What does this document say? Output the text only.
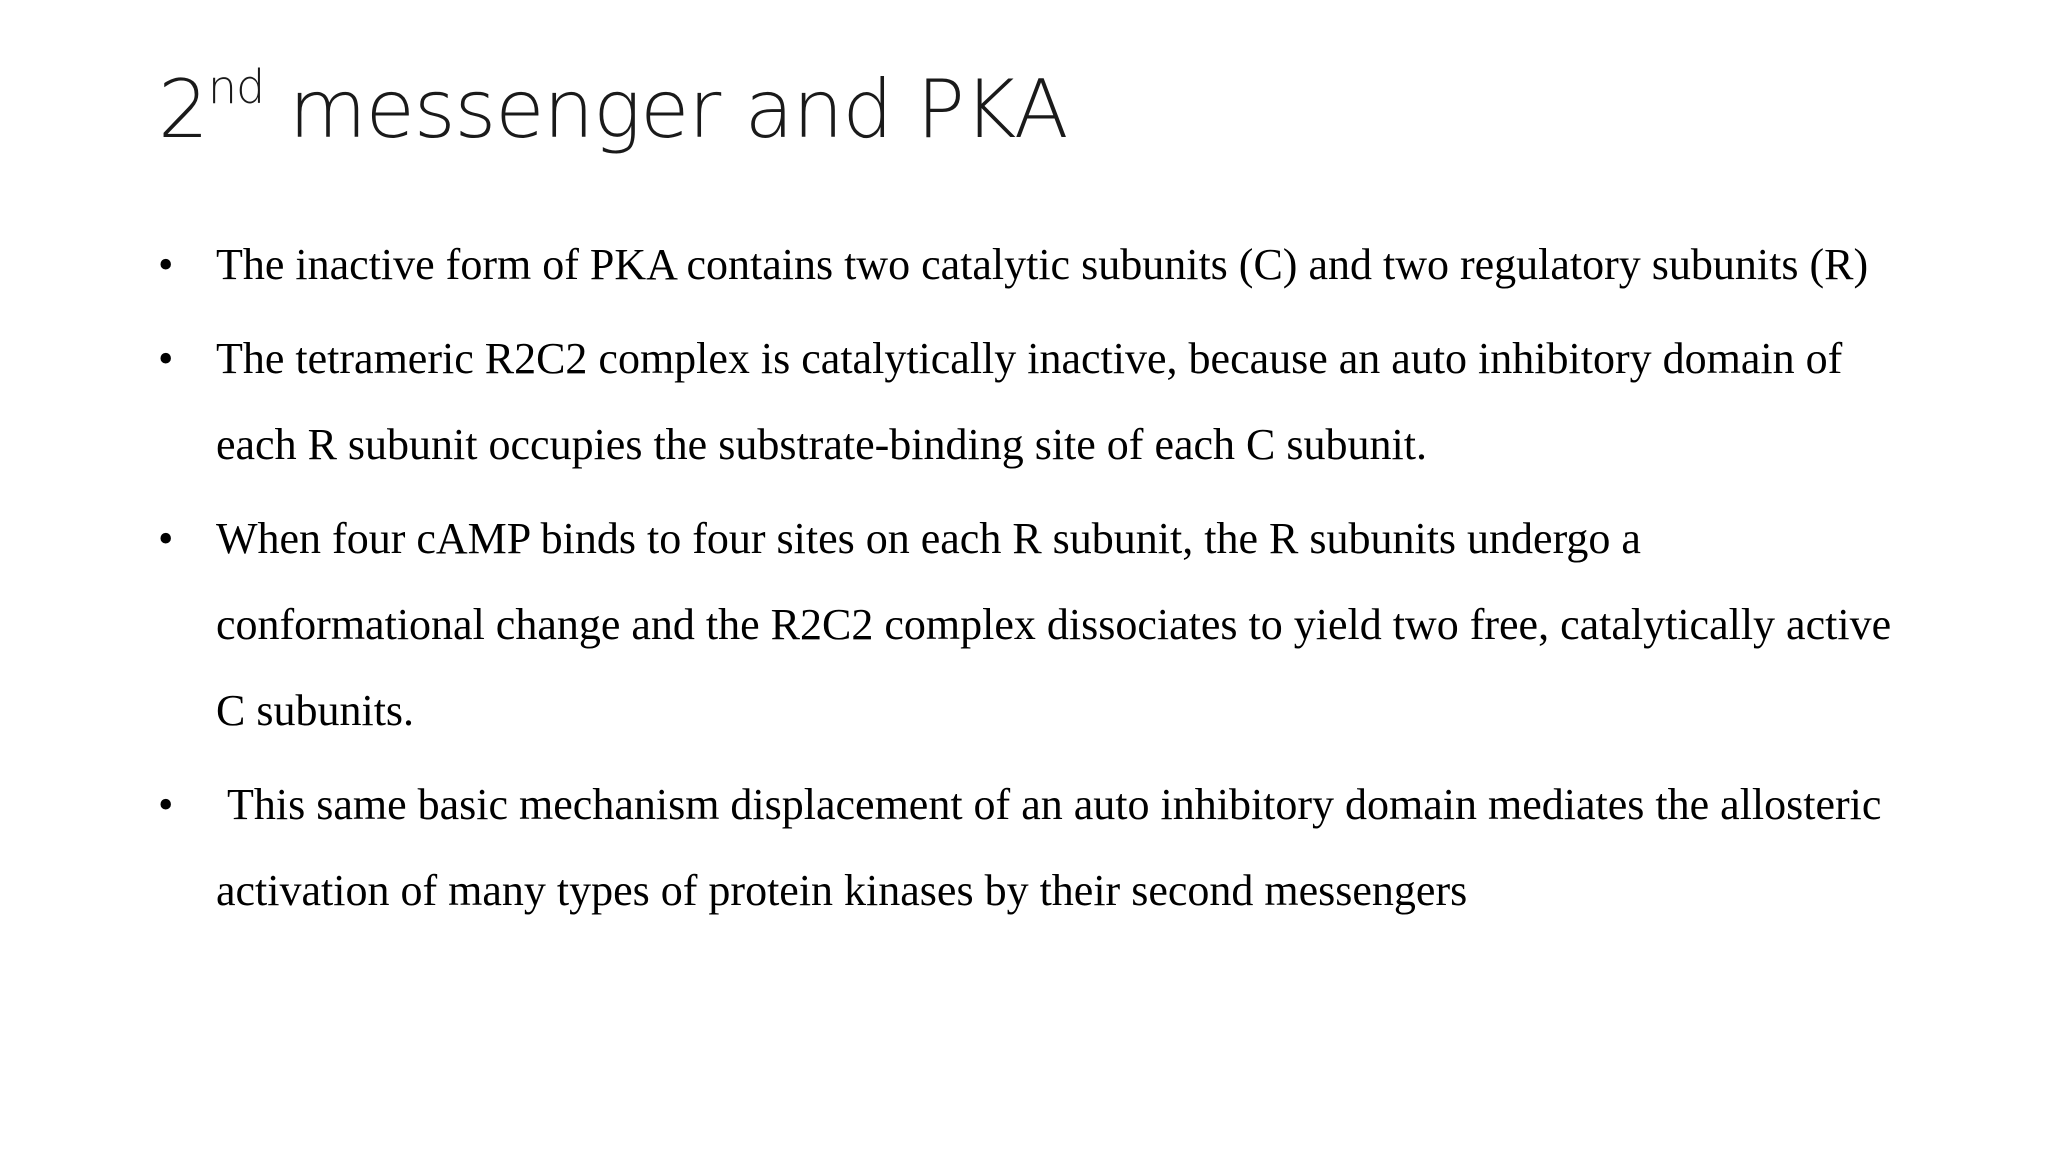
2nd messenger and PKA
• The inactive form of PKA contains two catalytic subunits (C) and two regulatory subunits (R)
• The tetrameric R2C2 complex is catalytically inactive, because an auto inhibitory domain of each R subunit occupies the substrate-binding site of each C subunit.
• When four cAMP binds to four sites on each R subunit, the R subunits undergo a conformational change and the R2C2 complex dissociates to yield two free, catalytically active C subunits.
• This same basic mechanism displacement of an auto inhibitory domain mediates the allosteric activation of many types of protein kinases by their second messengers
